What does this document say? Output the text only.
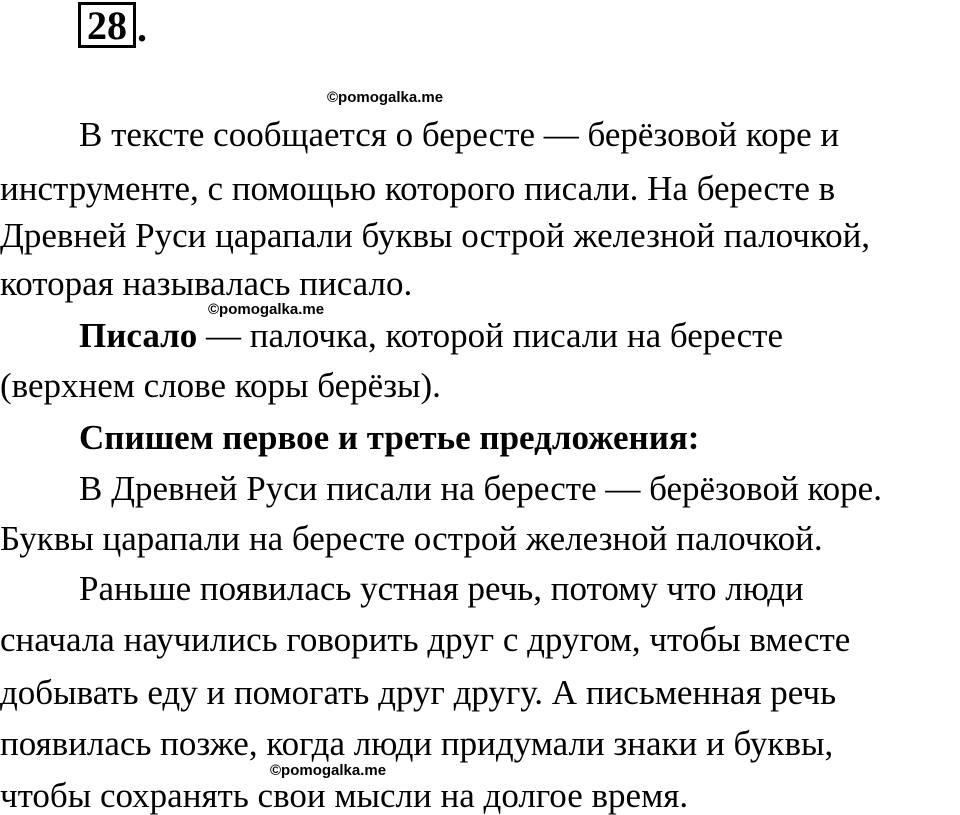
28 .
©pomogalka.me
©pomogalka.me
©pomogalka.me
В тексте сообщается о бересте — берёзовой коре и
инструменте, с помощью которого писали. На бересте в
Древней Руси царапали буквы острой железной палочкой,
которая называлась писало.
Писало — палочка, которой писали на бересте
(верхнем слове коры берёзы).
Спишем первое и третье предложения:
В Древней Руси писали на бересте — берёзовой коре.
Буквы царапали на бересте острой железной палочкой.
Раньше появилась устная речь, потому что люди
сначала научились говорить друг с другом, чтобы вместе
добывать еду и помогать друг другу. А письменная речь
появилась позже, когда люди придумали знаки и буквы,
чтобы сохранять свои мысли на долгое время.
